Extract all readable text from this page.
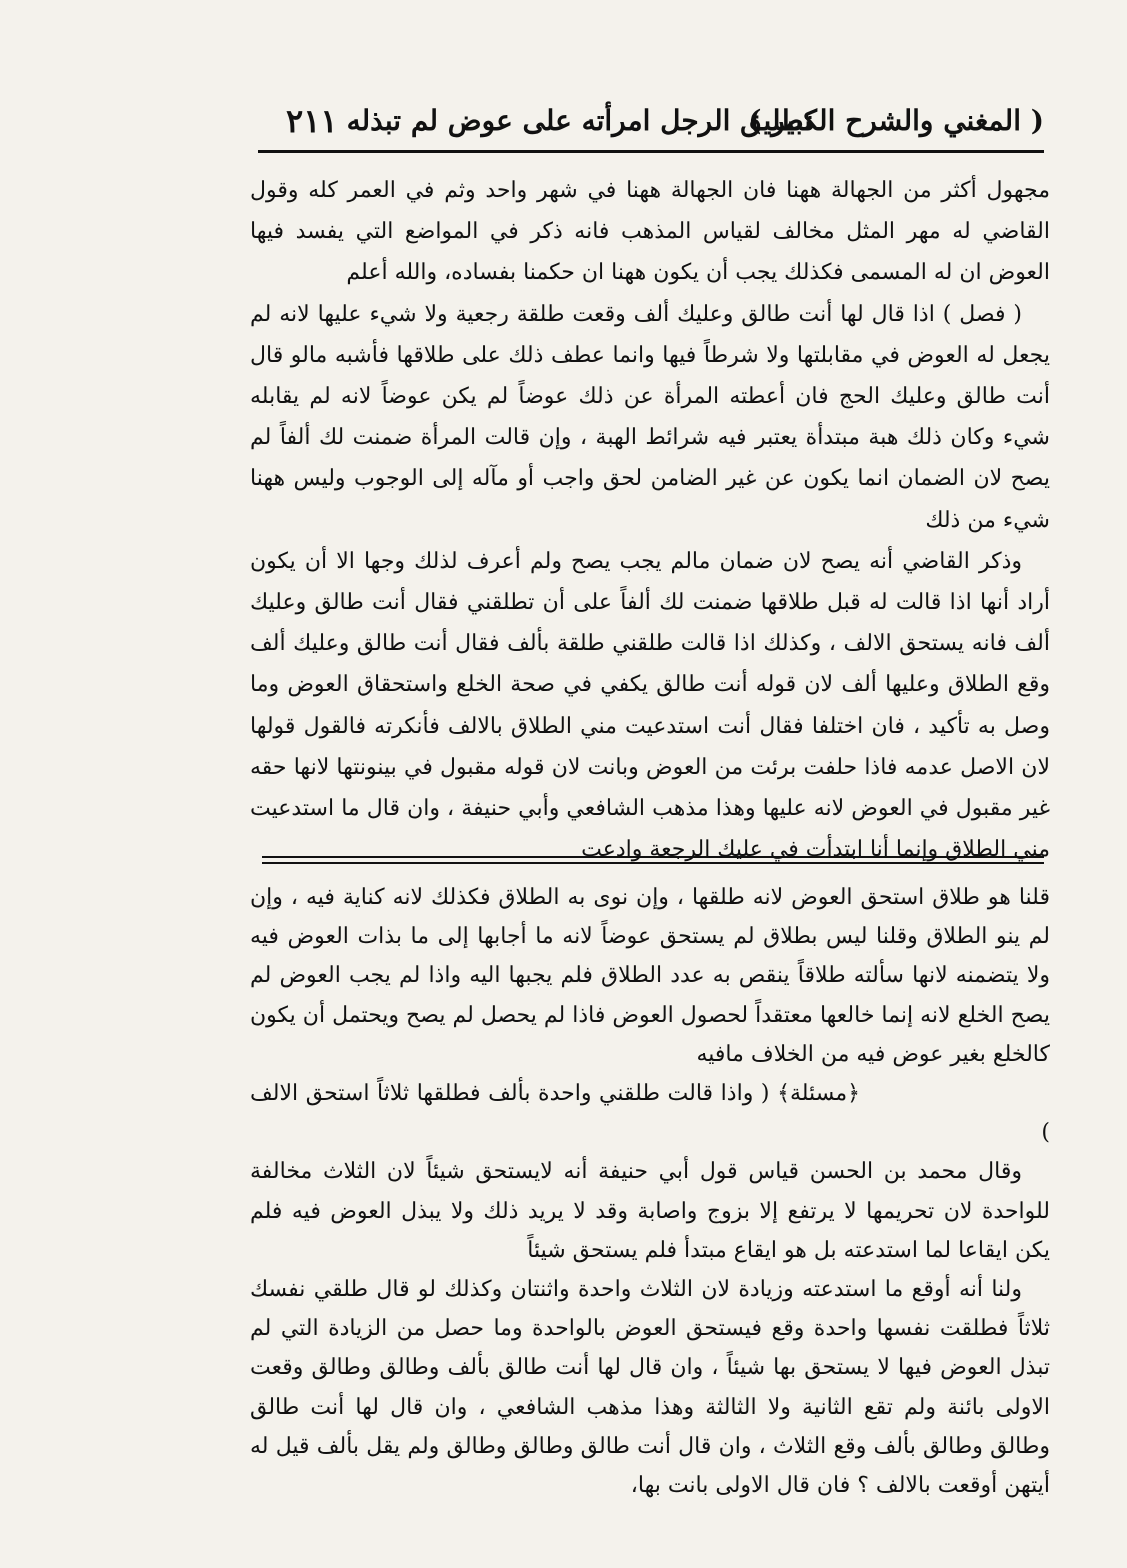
( المغني والشرح الكبير )
تطليق الرجل امرأته على عوض لم تبذله
٢١١

مجهول أكثر من الجهالة ههنا فان الجهالة ههنا في شهر واحد وثم في العمر كله وقول القاضي له مهر المثل مخالف لقياس المذهب فانه ذكر في المواضع التي يفسد فيها العوض ان له المسمى فكذلك يجب أن يكون ههنا ان حكمنا بفساده، والله أعلم

( فصل ) اذا قال لها أنت طالق وعليك ألف وقعت طلقة رجعية ولا شيء عليها لانه لم يجعل له العوض في مقابلتها ولا شرطاً فيها وانما عطف ذلك على طلاقها فأشبه مالو قال أنت طالق وعليك الحج فان أعطته المرأة عن ذلك عوضاً لم يكن عوضاً لانه لم يقابله شيء وكان ذلك هبة مبتدأة يعتبر فيه شرائط الهبة ، وإن قالت المرأة ضمنت لك ألفاً لم يصح لان الضمان انما يكون عن غير الضامن لحق واجب أو مآله إلى الوجوب وليس ههنا شيء من ذلك

وذكر القاضي أنه يصح لان ضمان مالم يجب يصح ولم أعرف لذلك وجها الا أن يكون أراد أنها اذا قالت له قبل طلاقها ضمنت لك ألفاً على أن تطلقني فقال أنت طالق وعليك ألف فانه يستحق الالف ، وكذلك اذا قالت طلقني طلقة بألف فقال أنت طالق وعليك ألف وقع الطلاق وعليها ألف لان قوله أنت طالق يكفي في صحة الخلع واستحقاق العوض وما وصل به تأكيد ، فان اختلفا فقال أنت استدعيت مني الطلاق بالالف فأنكرته فالقول قولها لان الاصل عدمه فاذا حلفت برئت من العوض وبانت لان قوله مقبول في بينونتها لانها حقه غير مقبول في العوض لانه عليها وهذا مذهب الشافعي وأبي حنيفة ، وان قال ما استدعيت مني الطلاق وإنما أنا ابتدأت في عليك الرجعة وادعت

قلنا هو طلاق استحق العوض لانه طلقها ، وإن نوى به الطلاق فكذلك لانه كناية فيه ، وإن لم ينو الطلاق وقلنا ليس بطلاق لم يستحق عوضاً لانه ما أجابها إلى ما بذات العوض فيه ولا يتضمنه لانها سألته طلاقاً ينقص به عدد الطلاق فلم يجبها اليه واذا لم يجب العوض لم يصح الخلع لانه إنما خالعها معتقداً لحصول العوض فاذا لم يحصل لم يصح ويحتمل أن يكون كالخلع بغير عوض فيه من الخلاف مافيه

﴿مسئلة﴾ ( واذا قالت طلقني واحدة بألف فطلقها ثلاثاً استحق الالف )

وقال محمد بن الحسن قياس قول أبي حنيفة أنه لايستحق شيئاً لان الثلاث مخالفة للواحدة لان تحريمها لا يرتفع إلا بزوج واصابة وقد لا يريد ذلك ولا يبذل العوض فيه فلم يكن ايقاعا لما استدعته بل هو ايقاع مبتدأ فلم يستحق شيئاً

ولنا أنه أوقع ما استدعته وزيادة لان الثلاث واحدة واثنتان وكذلك لو قال طلقي نفسك ثلاثاً فطلقت نفسها واحدة وقع فيستحق العوض بالواحدة وما حصل من الزيادة التي لم تبذل العوض فيها لا يستحق بها شيئاً ، وان قال لها أنت طالق بألف وطالق وطالق وقعت الاولى بائنة ولم تقع الثانية ولا الثالثة وهذا مذهب الشافعي ، وان قال لها أنت طالق وطالق وطالق بألف وقع الثلاث ، وان قال أنت طالق وطالق وطالق ولم يقل بألف قيل له أيتهن أوقعت بالالف ؟ فان قال الاولى بانت بها،
